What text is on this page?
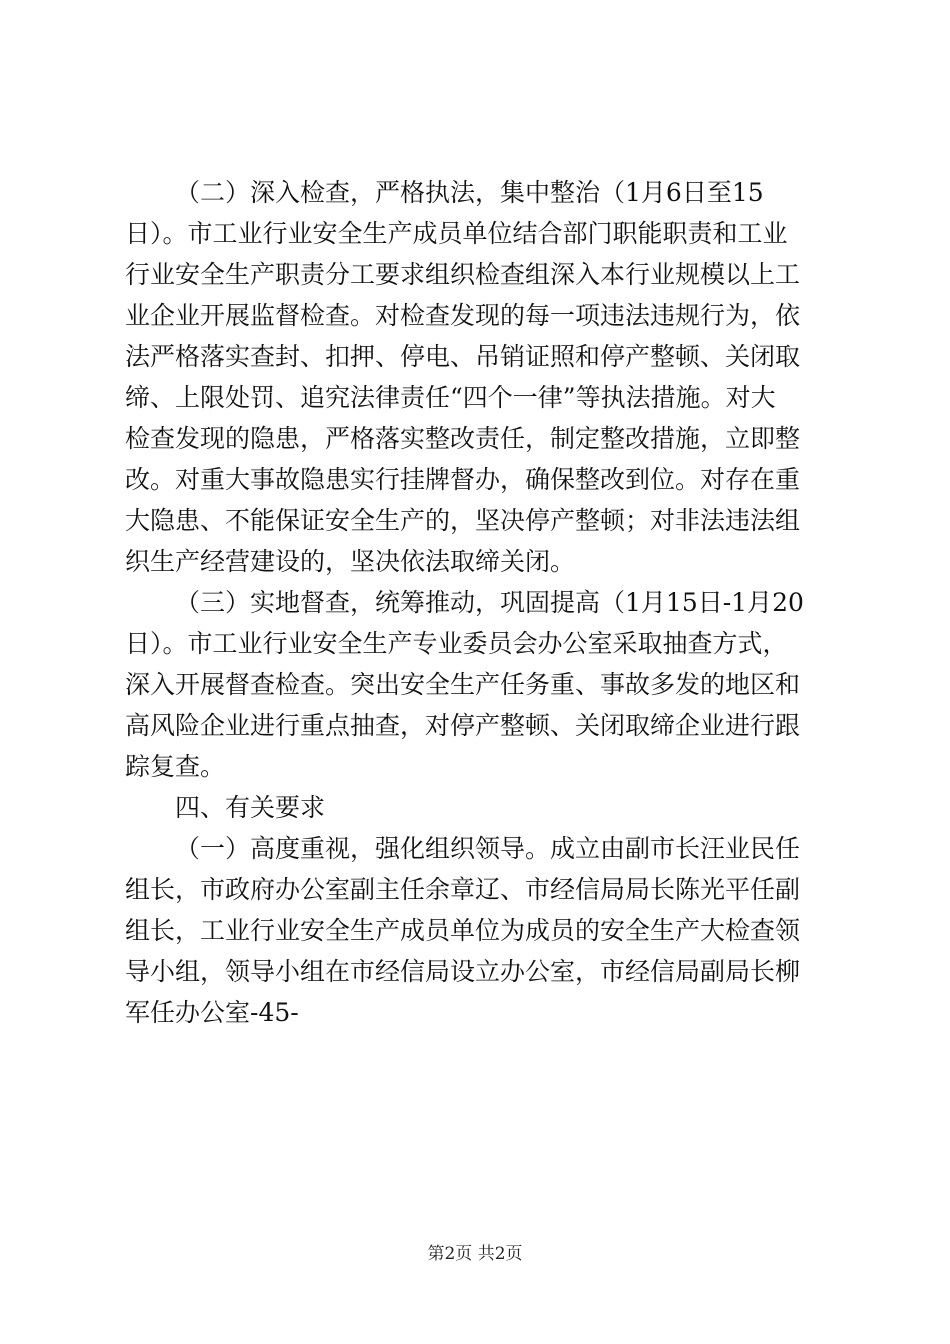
（二）深入检查，严格执法，集中整治（1月6日至15
日）。市工业行业安全生产成员单位结合部门职能职责和工业
行业安全生产职责分工要求组织检查组深入本行业规模以上工
业企业开展监督检查。对检查发现的每一项违法违规行为，依
法严格落实查封、扣押、停电、吊销证照和停产整顿、关闭取
缔、上限处罚、追究法律责任“四个一律”等执法措施。对大
检查发现的隐患，严格落实整改责任，制定整改措施，立即整
改。对重大事故隐患实行挂牌督办，确保整改到位。对存在重
大隐患、不能保证安全生产的，坚决停产整顿；对非法违法组
织生产经营建设的，坚决依法取缔关闭。
（三）实地督查，统筹推动，巩固提高（1月15日-1月20
日）。市工业行业安全生产专业委员会办公室采取抽查方式，
深入开展督查检查。突出安全生产任务重、事故多发的地区和
高风险企业进行重点抽查，对停产整顿、关闭取缔企业进行跟
踪复查。
四、有关要求
（一）高度重视，强化组织领导。成立由副市长汪业民任
组长，市政府办公室副主任余章辽、市经信局局长陈光平任副
组长，工业行业安全生产成员单位为成员的安全生产大检查领
导小组，领导小组在市经信局设立办公室，市经信局副局长柳
军任办公室-45-
第2页 共2页
